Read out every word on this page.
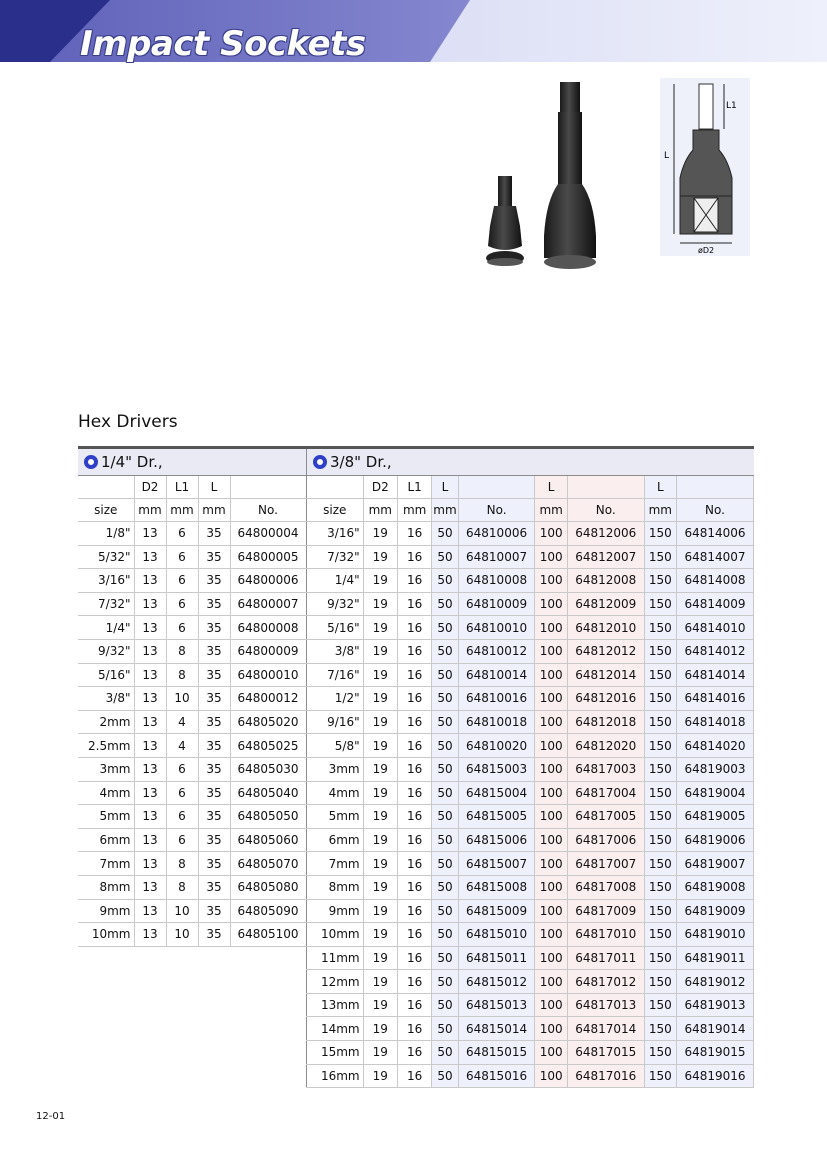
Impact Sockets
L1
L
øD2
Hex Drivers
1/4" Dr.,				
	D2	L1	L	
size	mm	mm	mm	No.
1/8"	13	6	35	64800004
5/32"	13	6	35	64800005
3/16"	13	6	35	64800006
7/32"	13	6	35	64800007
1/4"	13	6	35	64800008
9/32"	13	8	35	64800009
5/16"	13	8	35	64800010
3/8"	13	10	35	64800012
2mm	13	4	35	64805020
2.5mm	13	4	35	64805025
3mm	13	6	35	64805030
4mm	13	6	35	64805040
5mm	13	6	35	64805050
6mm	13	6	35	64805060
7mm	13	8	35	64805070
8mm	13	8	35	64805080
9mm	13	10	35	64805090
10mm	13	10	35	64805100
3/8" Dr.,								
	D2	L1	L		L		L	
size	mm	mm	mm	No.	mm	No.	mm	No.
3/16"	19	16	50	64810006	100	64812006	150	64814006
7/32"	19	16	50	64810007	100	64812007	150	64814007
1/4"	19	16	50	64810008	100	64812008	150	64814008
9/32"	19	16	50	64810009	100	64812009	150	64814009
5/16"	19	16	50	64810010	100	64812010	150	64814010
3/8"	19	16	50	64810012	100	64812012	150	64814012
7/16"	19	16	50	64810014	100	64812014	150	64814014
1/2"	19	16	50	64810016	100	64812016	150	64814016
9/16"	19	16	50	64810018	100	64812018	150	64814018
5/8"	19	16	50	64810020	100	64812020	150	64814020
3mm	19	16	50	64815003	100	64817003	150	64819003
4mm	19	16	50	64815004	100	64817004	150	64819004
5mm	19	16	50	64815005	100	64817005	150	64819005
6mm	19	16	50	64815006	100	64817006	150	64819006
7mm	19	16	50	64815007	100	64817007	150	64819007
8mm	19	16	50	64815008	100	64817008	150	64819008
9mm	19	16	50	64815009	100	64817009	150	64819009
10mm	19	16	50	64815010	100	64817010	150	64819010
11mm	19	16	50	64815011	100	64817011	150	64819011
12mm	19	16	50	64815012	100	64817012	150	64819012
13mm	19	16	50	64815013	100	64817013	150	64819013
14mm	19	16	50	64815014	100	64817014	150	64819014
15mm	19	16	50	64815015	100	64817015	150	64819015
16mm	19	16	50	64815016	100	64817016	150	64819016
12-01
